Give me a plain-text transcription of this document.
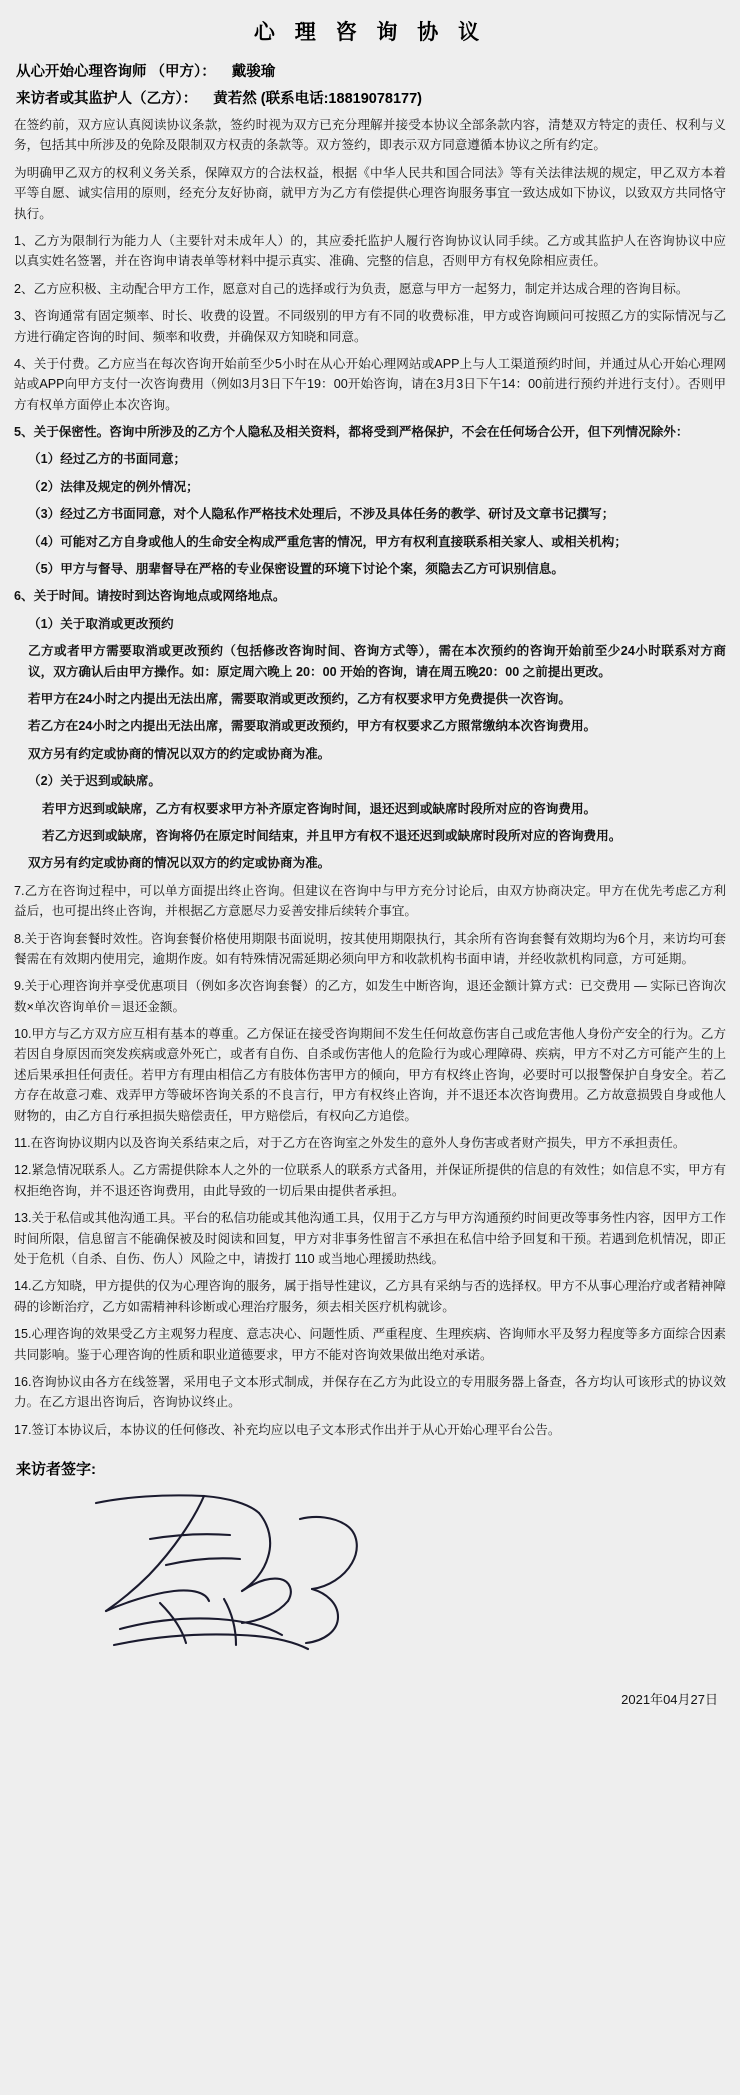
心 理 咨 询 协 议
从心开始心理咨询师 （甲方）： 戴骏瑜
来访者或其监护人（乙方）： 黄若然 (联系电话:18819078177)

在签约前，双方应认真阅读协议条款，签约时视为双方已充分理解并接受本协议全部条款内容，清楚双方特定的责任、权利与义务，包括其中所涉及的免除及限制双方权责的条款等。双方签约，即表示双方同意遵循本协议之所有约定。

为明确甲乙双方的权利义务关系，保障双方的合法权益，根据《中华人民共和国合同法》等有关法律法规的规定，甲乙双方本着平等自愿、诚实信用的原则，经充分友好协商，就甲方为乙方有偿提供心理咨询服务事宜一致达成如下协议，以致双方共同恪守执行。

1、乙方为限制行为能力人（主要针对未成年人）的，其应委托监护人履行咨询协议认同手续。乙方或其监护人在咨询协议中应以真实姓名签署，并在咨询申请表单等材料中提示真实、准确、完整的信息，否则甲方有权免除相应责任。

2、乙方应积极、主动配合甲方工作，愿意对自己的选择或行为负责，愿意与甲方一起努力，制定并达成合理的咨询目标。

3、咨询通常有固定频率、时长、收费的设置。不同级别的甲方有不同的收费标准，甲方或咨询顾问可按照乙方的实际情况与乙方进行确定咨询的时间、频率和收费，并确保双方知晓和同意。

4、关于付费。乙方应当在每次咨询开始前至少5小时在从心开始心理网站或APP上与人工渠道预约时间，并通过从心开始心理网站或APP向甲方支付一次咨询费用（例如3月3日下午19：00开始咨询，请在3月3日下午14：00前进行预约并进行支付）。否则甲方有权单方面停止本次咨询。

5、关于保密性。咨询中所涉及的乙方个人隐私及相关资料，都将受到严格保护，不会在任何场合公开，但下列情况除外：

（1）经过乙方的书面同意；

（2）法律及规定的例外情况；

（3）经过乙方书面同意，对个人隐私作严格技术处理后，不涉及具体任务的教学、研讨及文章书记撰写；

（4）可能对乙方自身或他人的生命安全构成严重危害的情况，甲方有权利直接联系相关家人、或相关机构；

（5）甲方与督导、朋辈督导在严格的专业保密设置的环境下讨论个案，须隐去乙方可识别信息。

6、关于时间。请按时到达咨询地点或网络地点。

（1）关于取消或更改预约

乙方或者甲方需要取消或更改预约（包括修改咨询时间、咨询方式等），需在本次预约的咨询开始前至少24小时联系对方商议，双方确认后由甲方操作。如：原定周六晚上 20：00 开始的咨询，请在周五晚20：00 之前提出更改。

若甲方在24小时之内提出无法出席，需要取消或更改预约，乙方有权要求甲方免费提供一次咨询。

若乙方在24小时之内提出无法出席，需要取消或更改预约，甲方有权要求乙方照常缴纳本次咨询费用。

双方另有约定或协商的情况以双方的约定或协商为准。

（2）关于迟到或缺席。

若甲方迟到或缺席，乙方有权要求甲方补齐原定咨询时间，退还迟到或缺席时段所对应的咨询费用。

若乙方迟到或缺席，咨询将仍在原定时间结束，并且甲方有权不退还迟到或缺席时段所对应的咨询费用。

双方另有约定或协商的情况以双方的约定或协商为准。

7.乙方在咨询过程中，可以单方面提出终止咨询。但建议在咨询中与甲方充分讨论后，由双方协商决定。甲方在优先考虑乙方利益后，也可提出终止咨询，并根据乙方意愿尽力妥善安排后续转介事宜。

8.关于咨询套餐时效性。咨询套餐价格使用期限书面说明，按其使用期限执行，其余所有咨询套餐有效期均为6个月，来访均可套餐需在有效期内使用完，逾期作废。如有特殊情况需延期必须向甲方和收款机构书面申请，并经收款机构同意，方可延期。

9.关于心理咨询并享受优惠项目（例如多次咨询套餐）的乙方，如发生中断咨询，退还金额计算方式：已交费用 — 实际已咨询次数×单次咨询单价＝退还金额。

10.甲方与乙方双方应互相有基本的尊重。乙方保证在接受咨询期间不发生任何故意伤害自己或危害他人身份产安全的行为。乙方若因自身原因而突发疾病或意外死亡，或者有自伤、自杀或伤害他人的危险行为或心理障碍、疾病，甲方不对乙方可能产生的上述后果承担任何责任。若甲方有理由相信乙方有肢体伤害甲方的倾向，甲方有权终止咨询，必要时可以报警保护自身安全。若乙方存在故意刁难、戏弄甲方等破坏咨询关系的不良言行，甲方有权终止咨询，并不退还本次咨询费用。乙方故意损毁自身或他人财物的，由乙方自行承担损失赔偿责任，甲方赔偿后，有权向乙方追偿。

11.在咨询协议期内以及咨询关系结束之后，对于乙方在咨询室之外发生的意外人身伤害或者财产损失，甲方不承担责任。

12.紧急情况联系人。乙方需提供除本人之外的一位联系人的联系方式备用，并保证所提供的信息的有效性；如信息不实，甲方有权拒绝咨询，并不退还咨询费用，由此导致的一切后果由提供者承担。

13.关于私信或其他沟通工具。平台的私信功能或其他沟通工具，仅用于乙方与甲方沟通预约时间更改等事务性内容，因甲方工作时间所限，信息留言不能确保被及时阅读和回复，甲方对非事务性留言不承担在私信中给予回复和干预。若遇到危机情况，即正处于危机（自杀、自伤、伤人）风险之中，请拨打 110 或当地心理援助热线。

14.乙方知晓，甲方提供的仅为心理咨询的服务，属于指导性建议，乙方具有采纳与否的选择权。甲方不从事心理治疗或者精神障碍的诊断治疗，乙方如需精神科诊断或心理治疗服务，须去相关医疗机构就诊。

15.心理咨询的效果受乙方主观努力程度、意志决心、问题性质、严重程度、生理疾病、咨询师水平及努力程度等多方面综合因素共同影响。鉴于心理咨询的性质和职业道德要求，甲方不能对咨询效果做出绝对承诺。

16.咨询协议由各方在线签署，采用电子文本形式制成，并保存在乙方为此设立的专用服务器上备查，各方均认可该形式的协议效力。在乙方退出咨询后，咨询协议终止。

17.签订本协议后，本协议的任何修改、补充均应以电子文本形式作出并于从心开始心理平台公告。

来访者签字:
2021年04月27日
